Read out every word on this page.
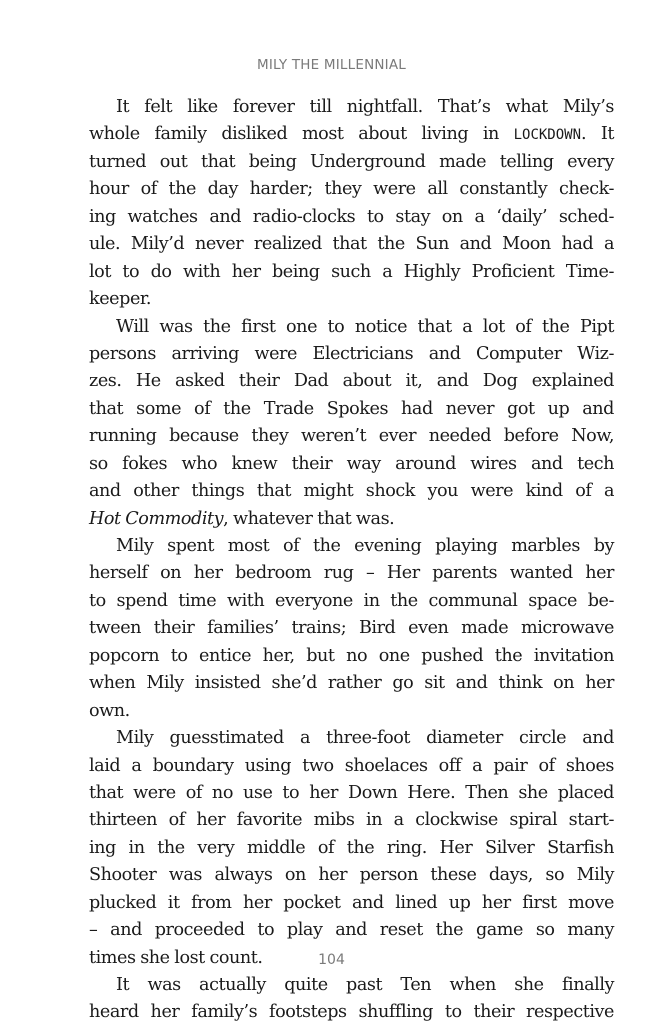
MILY THE MILLENNIAL
It felt like forever till nightfall. That’s what Mily’s
whole family disliked most about living in LOCKDOWN. It
turned out that being Underground made telling every
hour of the day harder; they were all constantly check-
ing watches and radio-clocks to stay on a ‘daily’ sched-
ule. Mily’d never realized that the Sun and Moon had a
lot to do with her being such a Highly Proficient Time-
keeper.
Will was the first one to notice that a lot of the Pipt
persons arriving were Electricians and Computer Wiz-
zes. He asked their Dad about it, and Dog explained
that some of the Trade Spokes had never got up and
running because they weren’t ever needed before Now,
so fokes who knew their way around wires and tech
and other things that might shock you were kind of a
Hot Commodity, whatever that was.
Mily spent most of the evening playing marbles by
herself on her bedroom rug – Her parents wanted her
to spend time with everyone in the communal space be-
tween their families’ trains; Bird even made microwave
popcorn to entice her, but no one pushed the invitation
when Mily insisted she’d rather go sit and think on her
own.
Mily guesstimated a three-foot diameter circle and
laid a boundary using two shoelaces off a pair of shoes
that were of no use to her Down Here. Then she placed
thirteen of her favorite mibs in a clockwise spiral start-
ing in the very middle of the ring. Her Silver Starfish
Shooter was always on her person these days, so Mily
plucked it from her pocket and lined up her first move
– and proceeded to play and reset the game so many
times she lost count.
It was actually quite past Ten when she finally
heard her family’s footsteps shuffling to their respective
104
